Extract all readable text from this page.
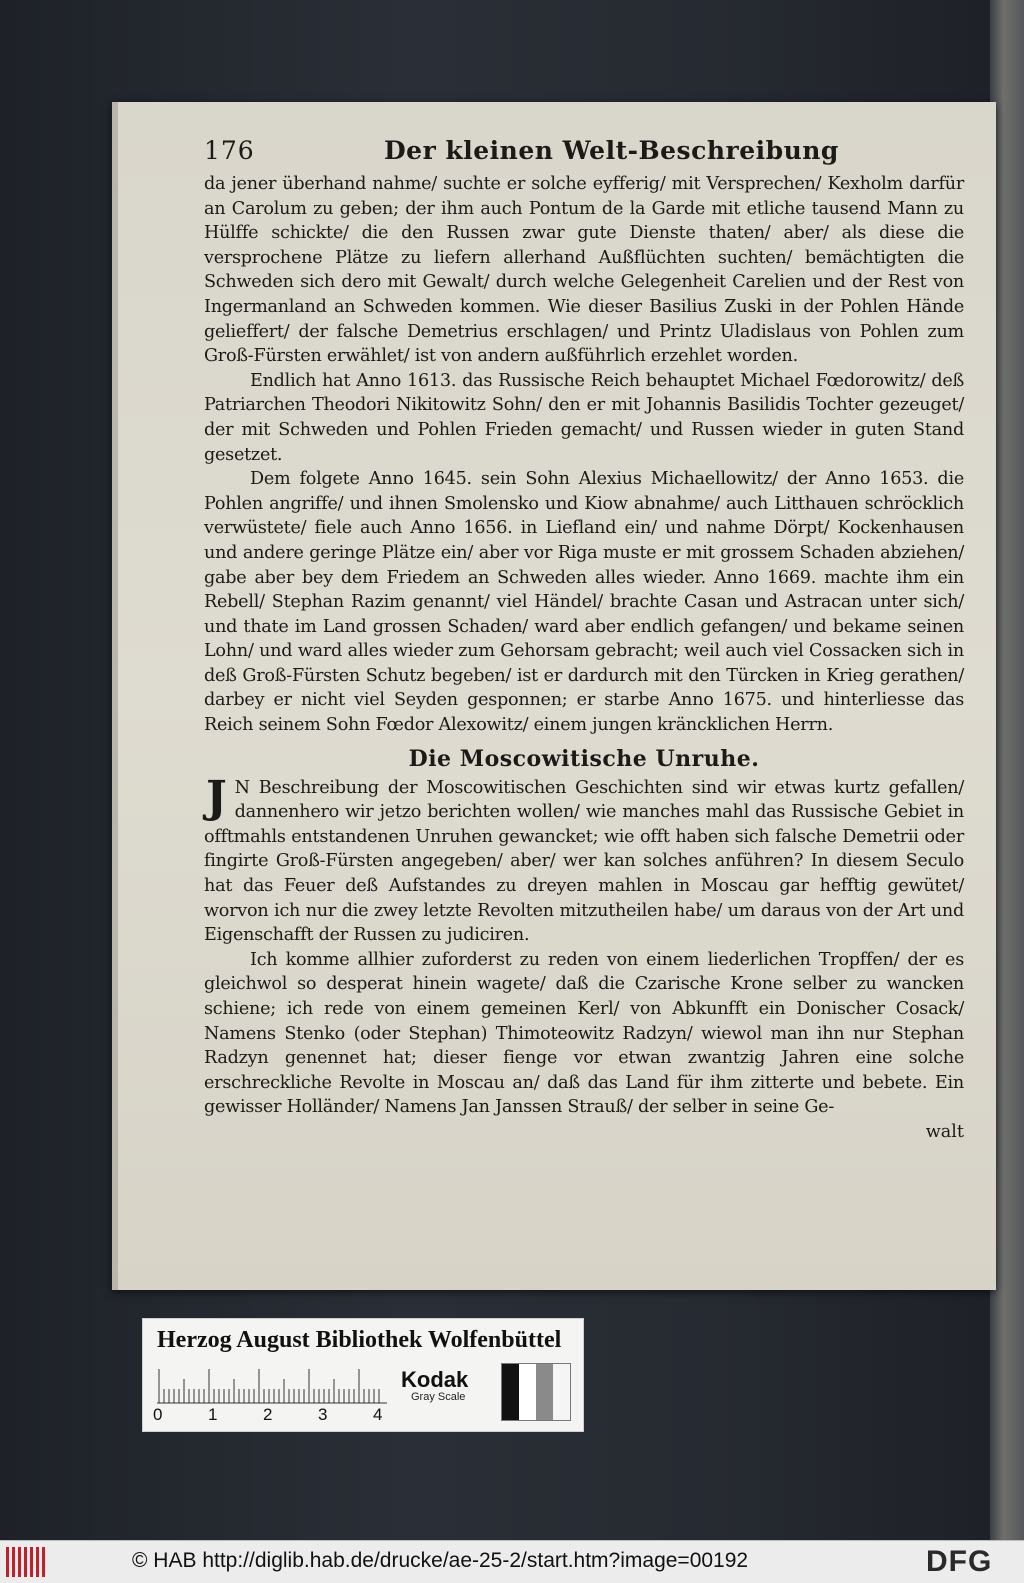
176	Der kleinen Welt-Beschreibung

da jener überhand nahme/ suchte er solche eyfferig/ mit Versprechen/ Kexholm darfür an Carolum zu geben; der ihm auch Pontum de la Garde mit etliche tausend Mann zu Hülffe schickte/ die den Russen zwar gute Dienste thaten/ aber/ als diese die versprochene Plätze zu liefern allerhand Außflüchten suchten/ bemächtigten die Schweden sich dero mit Gewalt/ durch welche Gelegenheit Carelien und der Rest von Ingermanland an Schweden kommen. Wie dieser Basilius Zuski in der Pohlen Hände gelieffert/ der falsche Demetrius erschlagen/ und Printz Uladislaus von Pohlen zum Groß-Fürsten erwählet/ ist von andern außführlich erzehlet worden.

Endlich hat Anno 1613. das Russische Reich behauptet Michael Fœdorowitz/ deß Patriarchen Theodori Nikitowitz Sohn/ den er mit Johannis Basilidis Tochter gezeuget/ der mit Schweden und Pohlen Frieden gemacht/ und Russen wieder in guten Stand gesetzet.

Dem folgete Anno 1645. sein Sohn Alexius Michaellowitz/ der Anno 1653. die Pohlen angriffe/ und ihnen Smolensko und Kiow abnahme/ auch Litthauen schröcklich verwüstete/ fiele auch Anno 1656. in Liefland ein/ und nahme Dörpt/ Kockenhausen und andere geringe Plätze ein/ aber vor Riga muste er mit grossem Schaden abziehen/ gabe aber bey dem Friedem an Schweden alles wieder. Anno 1669. machte ihm ein Rebell/ Stephan Razim genannt/ viel Händel/ brachte Casan und Astracan unter sich/ und thate im Land grossen Schaden/ ward aber endlich gefangen/ und bekame seinen Lohn/ und ward alles wieder zum Gehorsam gebracht; weil auch viel Cossacken sich in deß Groß-Fürsten Schutz begeben/ ist er dardurch mit den Türcken in Krieg gerathen/ darbey er nicht viel Seyden gesponnen; er starbe Anno 1675. und hinterliesse das Reich seinem Sohn Fœdor Alexowitz/ einem jungen kräncklichen Herrn.

Die Moscowitische Unruhe.

J N Beschreibung der Moscowitischen Geschichten sind wir etwas kurtz gefallen/ dannenhero wir jetzo berichten wollen/ wie manches mahl das Russische Gebiet in offtmahls entstandenen Unruhen gewancket; wie offt haben sich falsche Demetrii oder fingirte Groß-Fürsten angegeben/ aber/ wer kan solches anführen? In diesem Seculo hat das Feuer deß Aufstandes zu dreyen mahlen in Moscau gar hefftig gewütet/ worvon ich nur die zwey letzte Revolten mitzutheilen habe/ um daraus von der Art und Eigenschafft der Russen zu judiciren.

Ich komme allhier zuforderst zu reden von einem liederlichen Tropffen/ der es gleichwol so desperat hinein wagete/ daß die Czarische Krone selber zu wancken schiene; ich rede von einem gemeinen Kerl/ von Abkunfft ein Donischer Cosack/ Namens Stenko (oder Stephan) Thimoteowitz Radzyn/ wiewol man ihn nur Stephan Radzyn genennet hat; dieser fienge vor etwan zwantzig Jahren eine solche erschreckliche Revolte in Moscau an/ daß das Land für ihm zitterte und bebete. Ein gewisser Holländer/ Namens Jan Janssen Strauß/ der selber in seine Ge-

walt

Herzog August Bibliothek Wolfenbüttel
0	1	2	3	4
Kodak
Gray Scale
© HAB http://diglib.hab.de/drucke/ae-25-2/start.htm?image=00192	DFG
